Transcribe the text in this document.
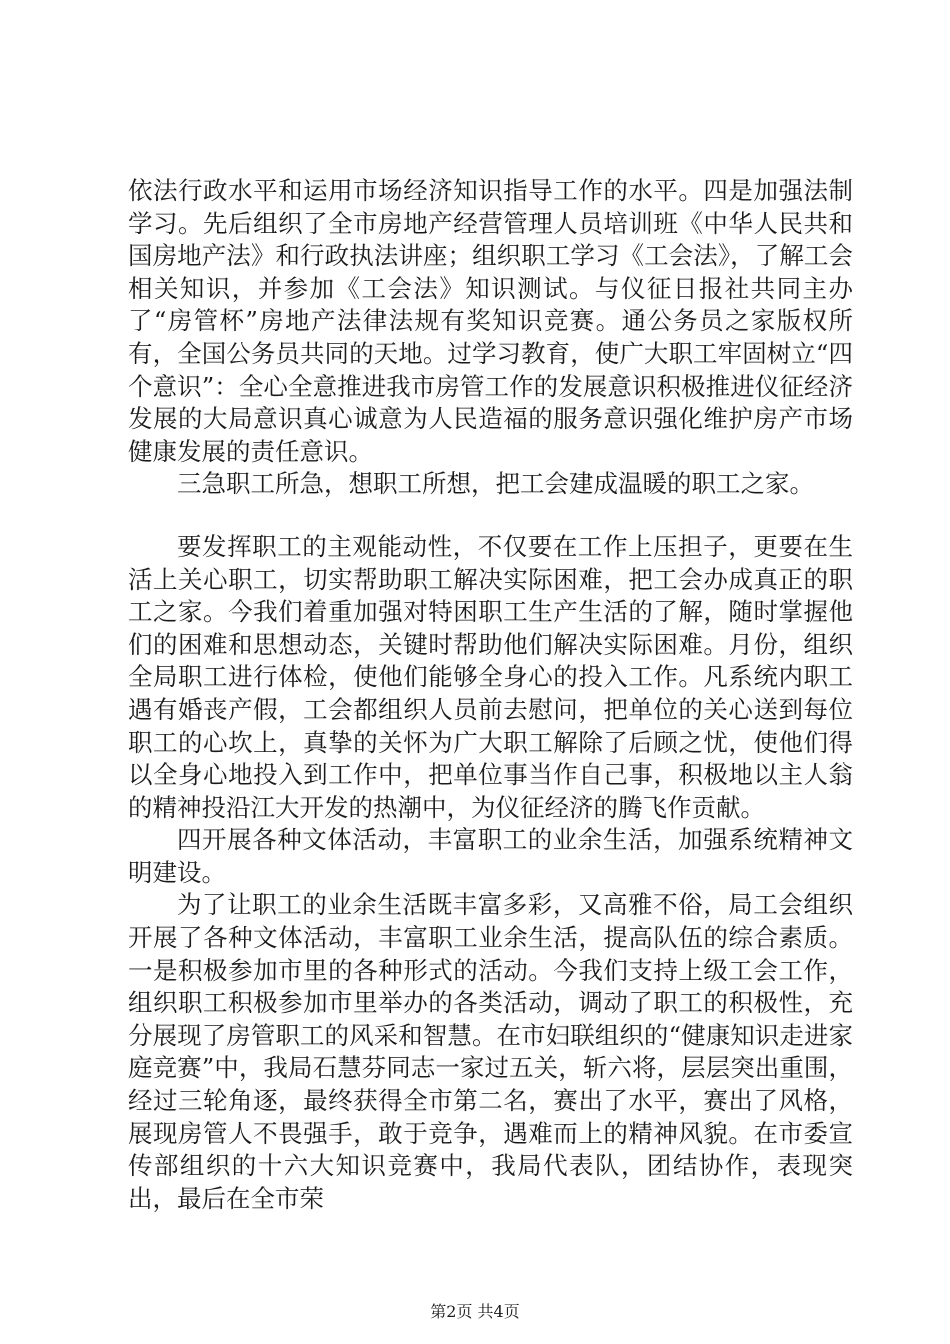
依法行政水平和运用市场经济知识指导工作的水平。四是加强法制学习。先后组织了全市房地产经营管理人员培训班《中华人民共和国房地产法》和行政执法讲座；组织职工学习《工会法》，了解工会相关知识，并参加《工会法》知识测试。与仪征日报社共同主办了“房管杯”房地产法律法规有奖知识竞赛。通公务员之家版权所有，全国公务员共同的天地。过学习教育，使广大职工牢固树立“四个意识”：全心全意推进我市房管工作的发展意识积极推进仪征经济发展的大局意识真心诚意为人民造福的服务意识强化维护房产市场健康发展的责任意识。

三急职工所急，想职工所想，把工会建成温暖的职工之家。

要发挥职工的主观能动性，不仅要在工作上压担子，更要在生活上关心职工，切实帮助职工解决实际困难，把工会办成真正的职工之家。今我们着重加强对特困职工生产生活的了解，随时掌握他们的困难和思想动态，关键时帮助他们解决实际困难。月份，组织全局职工进行体检，使他们能够全身心的投入工作。凡系统内职工遇有婚丧产假，工会都组织人员前去慰问，把单位的关心送到每位职工的心坎上，真挚的关怀为广大职工解除了后顾之忧，使他们得以全身心地投入到工作中，把单位事当作自己事，积极地以主人翁的精神投沿江大开发的热潮中，为仪征经济的腾飞作贡献。

四开展各种文体活动，丰富职工的业余生活，加强系统精神文明建设。

为了让职工的业余生活既丰富多彩，又高雅不俗，局工会组织开展了各种文体活动，丰富职工业余生活，提高队伍的综合素质。一是积极参加市里的各种形式的活动。今我们支持上级工会工作，组织职工积极参加市里举办的各类活动，调动了职工的积极性，充分展现了房管职工的风采和智慧。在市妇联组织的“健康知识走进家庭竞赛”中，我局石慧芬同志一家过五关，斩六将，层层突出重围，经过三轮角逐，最终获得全市第二名，赛出了水平，赛出了风格，展现房管人不畏强手，敢于竞争，遇难而上的精神风貌。在市委宣传部组织的十六大知识竞赛中，我局代表队，团结协作，表现突出，最后在全市荣

第2页 共4页
